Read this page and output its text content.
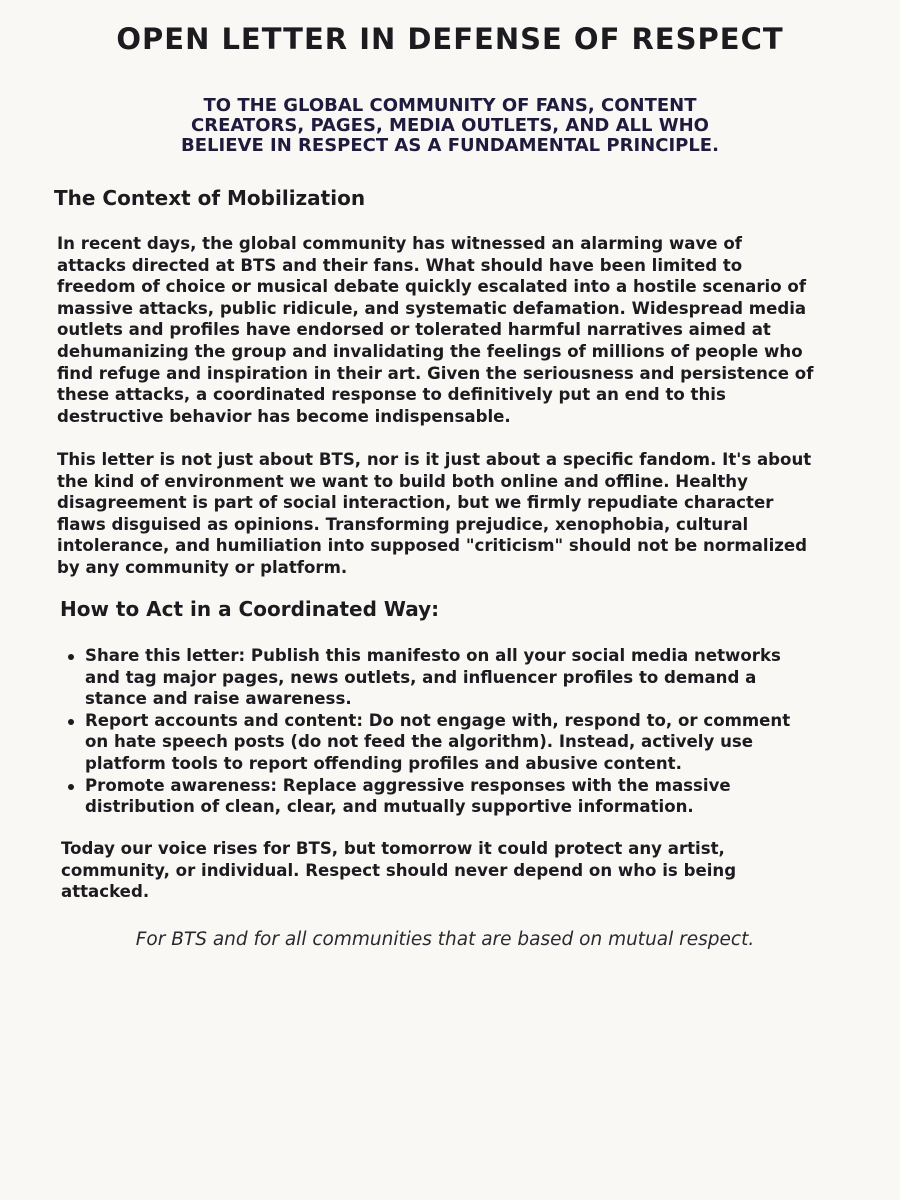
OPEN LETTER IN DEFENSE OF RESPECT
TO THE GLOBAL COMMUNITY OF FANS, CONTENT
CREATORS, PAGES, MEDIA OUTLETS, AND ALL WHO
BELIEVE IN RESPECT AS A FUNDAMENTAL PRINCIPLE.
The Context of Mobilization

In recent days, the global community has witnessed an alarming wave of
attacks directed at BTS and their fans. What should have been limited to
freedom of choice or musical debate quickly escalated into a hostile scenario of
massive attacks, public ridicule, and systematic defamation. Widespread media
outlets and profiles have endorsed or tolerated harmful narratives aimed at
dehumanizing the group and invalidating the feelings of millions of people who
find refuge and inspiration in their art. Given the seriousness and persistence of
these attacks, a coordinated response to definitively put an end to this
destructive behavior has become indispensable.

This letter is not just about BTS, nor is it just about a specific fandom. It's about
the kind of environment we want to build both online and offline. Healthy
disagreement is part of social interaction, but we firmly repudiate character
flaws disguised as opinions. Transforming prejudice, xenophobia, cultural
intolerance, and humiliation into supposed "criticism" should not be normalized
by any community or platform.

How to Act in a Coordinated Way:
Share this letter: Publish this manifesto on all your social media networks
and tag major pages, news outlets, and influencer profiles to demand a
stance and raise awareness.
Report accounts and content: Do not engage with, respond to, or comment
on hate speech posts (do not feed the algorithm). Instead, actively use
platform tools to report offending profiles and abusive content.
Promote awareness: Replace aggressive responses with the massive
distribution of clean, clear, and mutually supportive information.

Today our voice rises for BTS, but tomorrow it could protect any artist,
community, or individual. Respect should never depend on who is being
attacked.

For BTS and for all communities that are based on mutual respect.
